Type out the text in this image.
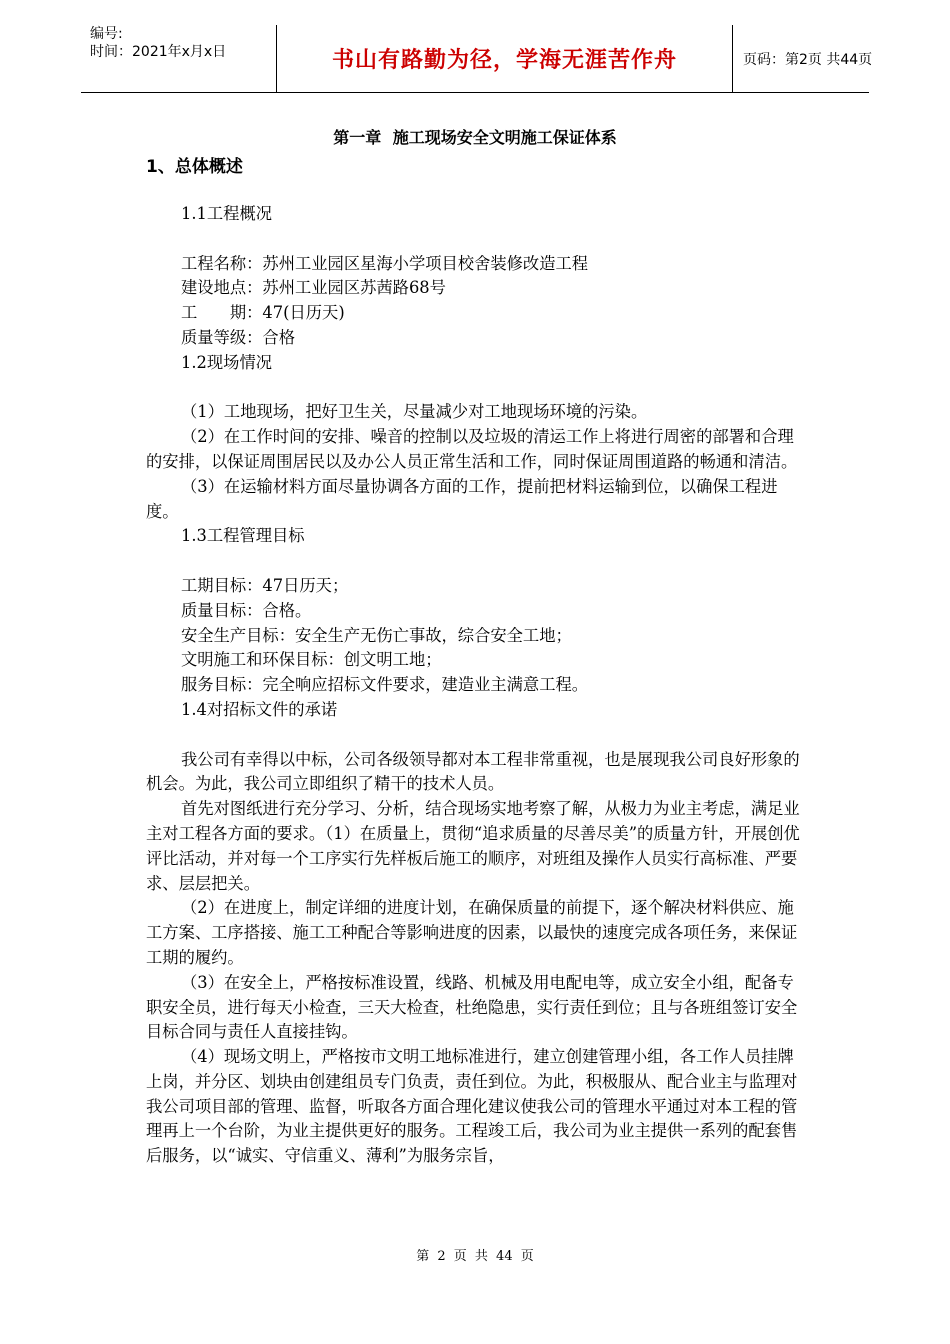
编号:
时间：2021年x月x日	书山有路勤为径，学海无涯苦作舟	页码：第2页 共44页
第一章 施工现场安全文明施工保证体系
1、总体概述

1.1工程概况

工程名称：苏州工业园区星海小学项目校舍装修改造工程

建设地点：苏州工业园区苏茜路68号

工　　期：47(日历天)

质量等级：合格

1.2现场情况

（1）工地现场，把好卫生关，尽量减少对工地现场环境的污染。

（2）在工作时间的安排、噪音的控制以及垃圾的清运工作上将进行周密的部署和合理的安排，以保证周围居民以及办公人员正常生活和工作，同时保证周围道路的畅通和清洁。

（3）在运输材料方面尽量协调各方面的工作，提前把材料运输到位，以确保工程进度。

1.3工程管理目标

工期目标：47日历天；

质量目标：合格。

安全生产目标：安全生产无伤亡事故，综合安全工地；

文明施工和环保目标：创文明工地；

服务目标：完全响应招标文件要求，建造业主满意工程。

1.4对招标文件的承诺

我公司有幸得以中标，公司各级领导都对本工程非常重视，也是展现我公司良好形象的机会。为此，我公司立即组织了精干的技术人员。

首先对图纸进行充分学习、分析，结合现场实地考察了解，从极力为业主考虑，满足业主对工程各方面的要求。（1）在质量上，贯彻“追求质量的尽善尽美”的质量方针，开展创优评比活动，并对每一个工序实行先样板后施工的顺序，对班组及操作人员实行高标准、严要求、层层把关。

（2）在进度上，制定详细的进度计划，在确保质量的前提下，逐个解决材料供应、施工方案、工序搭接、施工工种配合等影响进度的因素，以最快的速度完成各项任务，来保证工期的履约。

（3）在安全上，严格按标准设置，线路、机械及用电配电等，成立安全小组，配备专职安全员，进行每天小检查，三天大检查，杜绝隐患，实行责任到位；且与各班组签订安全目标合同与责任人直接挂钩。

（4）现场文明上，严格按市文明工地标准进行，建立创建管理小组，各工作人员挂牌上岗，并分区、划块由创建组员专门负责，责任到位。为此，积极服从、配合业主与监理对我公司项目部的管理、监督，听取各方面合理化建议使我公司的管理水平通过对本工程的管理再上一个台阶，为业主提供更好的服务。工程竣工后，我公司为业主提供一系列的配套售后服务，以“诚实、守信重义、薄利”为服务宗旨，

第 2 页 共 44 页
